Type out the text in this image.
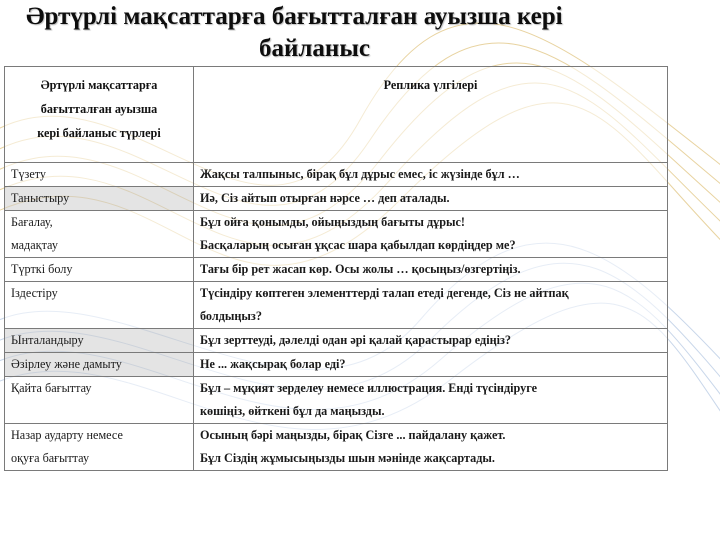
Әртүрлі мақсаттарға бағытталған ауызша кері
байланыс
Әртүрлі мақсаттарға
бағытталған ауызша
кері байланыс түрлері	Реплика үлгілері

Түзету	Жақсы талпыныс, бірақ бұл дұрыс емес, іс жүзінде бұл …

Таныстыру	Иә, Сіз айтып отырған нәрсе … деп аталады.

Бағалау,
мадақтау	Бұл ойға қонымды, ойыңыздың бағыты дұрыс!
Басқаларың осыған ұқсас шара қабылдап көрдіңдер ме?

Түрткі болу	Тағы бір рет жасап көр. Осы жолы … қосыңыз/өзгертіңіз.

Іздестіру	Түсіндіру көптеген элементтерді талап етеді дегенде, Сіз не айтпақ
болдыңыз?

Ынталандыру	Бұл зерттеуді, дәлелді одан әрі қалай қарастырар едіңіз?

Әзірлеу және дамыту	Не ... жақсырақ болар еді?

Қайта бағыттау	Бұл – мұқият зерделеу немесе иллюстрация. Енді түсіндіруге
көшіңіз, өйткені бұл да маңызды.

Назар аударту немесе
оқуға бағыттау	Осының бәрі маңызды, бірақ Сізге ... пайдалану қажет.
Бұл Сіздің жұмысыңызды шын мәнінде жақсартады.
